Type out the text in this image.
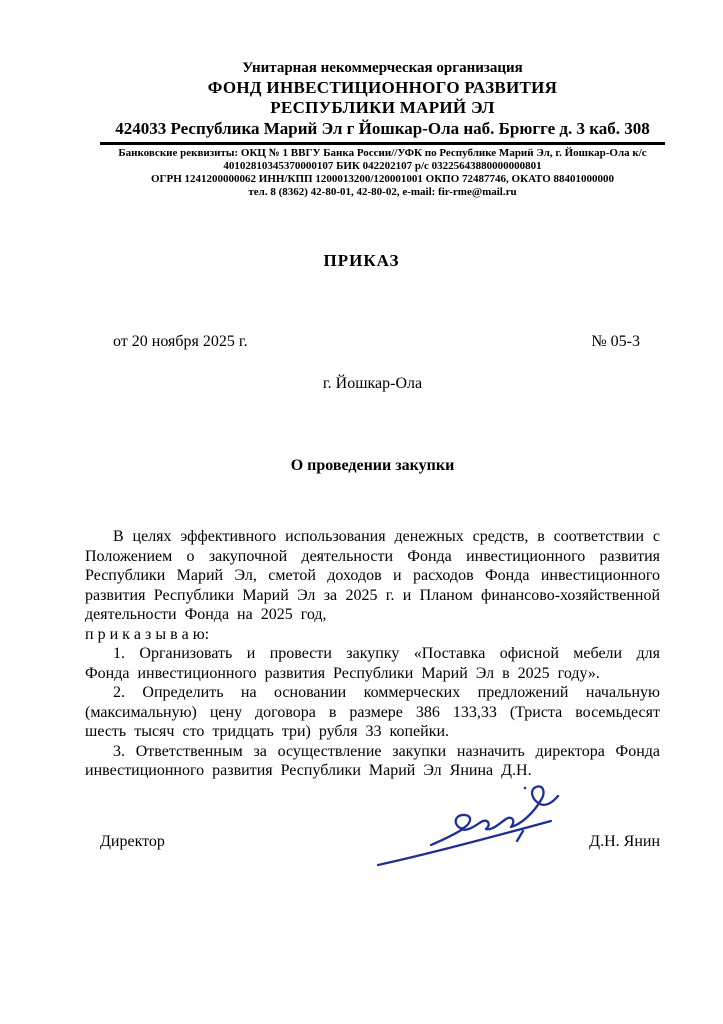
Унитарная некоммерческая организация
ФОНД ИНВЕСТИЦИОННОГО РАЗВИТИЯ
РЕСПУБЛИКИ МАРИЙ ЭЛ
424033 Республика Марий Эл г Йошкар-Ола наб. Брюгге д. 3 каб. 308
Банковские реквизиты: ОКЦ № 1 ВВГУ Банка России//УФК по Республике Марий Эл, г. Йошкар-Ола к/с
40102810345370000107 БИК 042202107 р/с 03225643880000000801
ОГРН 1241200000062 ИНН/КПП 1200013200/120001001 ОКПО 72487746, ОКАТО 88401000000
тел. 8 (8362) 42-80-01, 42-80-02, e-mail: fir-rme@mail.ru
ПРИКАЗ
от 20 ноября 2025 г.	№ 05-3
г. Йошкар-Ола
О проведении закупки

В целях эффективного использования денежных средств, в соответствии с Положением о закупочной деятельности Фонда инвестиционного развития Республики Марий Эл, сметой доходов и расходов Фонда инвестиционного развития Республики Марий Эл за 2025 г. и Планом финансово-хозяйственной деятельности Фонда на 2025 год,

п р и к а з ы в а ю:

1. Организовать и провести закупку «Поставка офисной мебели для Фонда инвестиционного развития Республики Марий Эл в 2025 году».

2. Определить на основании коммерческих предложений начальную (максимальную) цену договора в размере 386 133,33 (Триста восемьдесят шесть тысяч сто тридцать три) рубля 33 копейки.

3. Ответственным за осуществление закупки назначить директора Фонда инвестиционного развития Республики Марий Эл Янина Д.Н.

Директор	Д.Н. Янин
